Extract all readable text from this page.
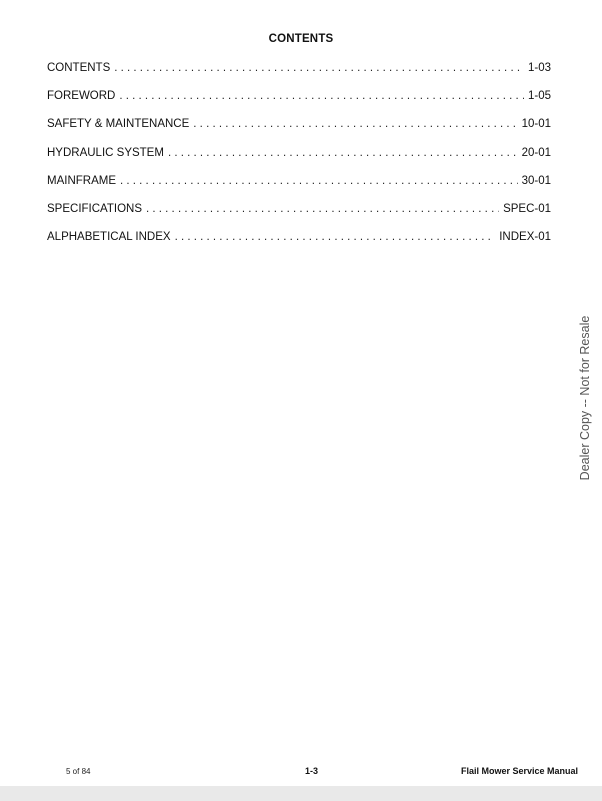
CONTENTS
CONTENTS . . .	1-03
FOREWORD . . .	1-05
SAFETY & MAINTENANCE . . .	10-01
HYDRAULIC SYSTEM . . .	20-01
MAINFRAME . . .	30-01
SPECIFICATIONS . . .	SPEC-01
ALPHABETICAL INDEX . . .	INDEX-01
Dealer Copy -- Not for Resale
5 of 84	1-3	Flail Mower Service Manual
